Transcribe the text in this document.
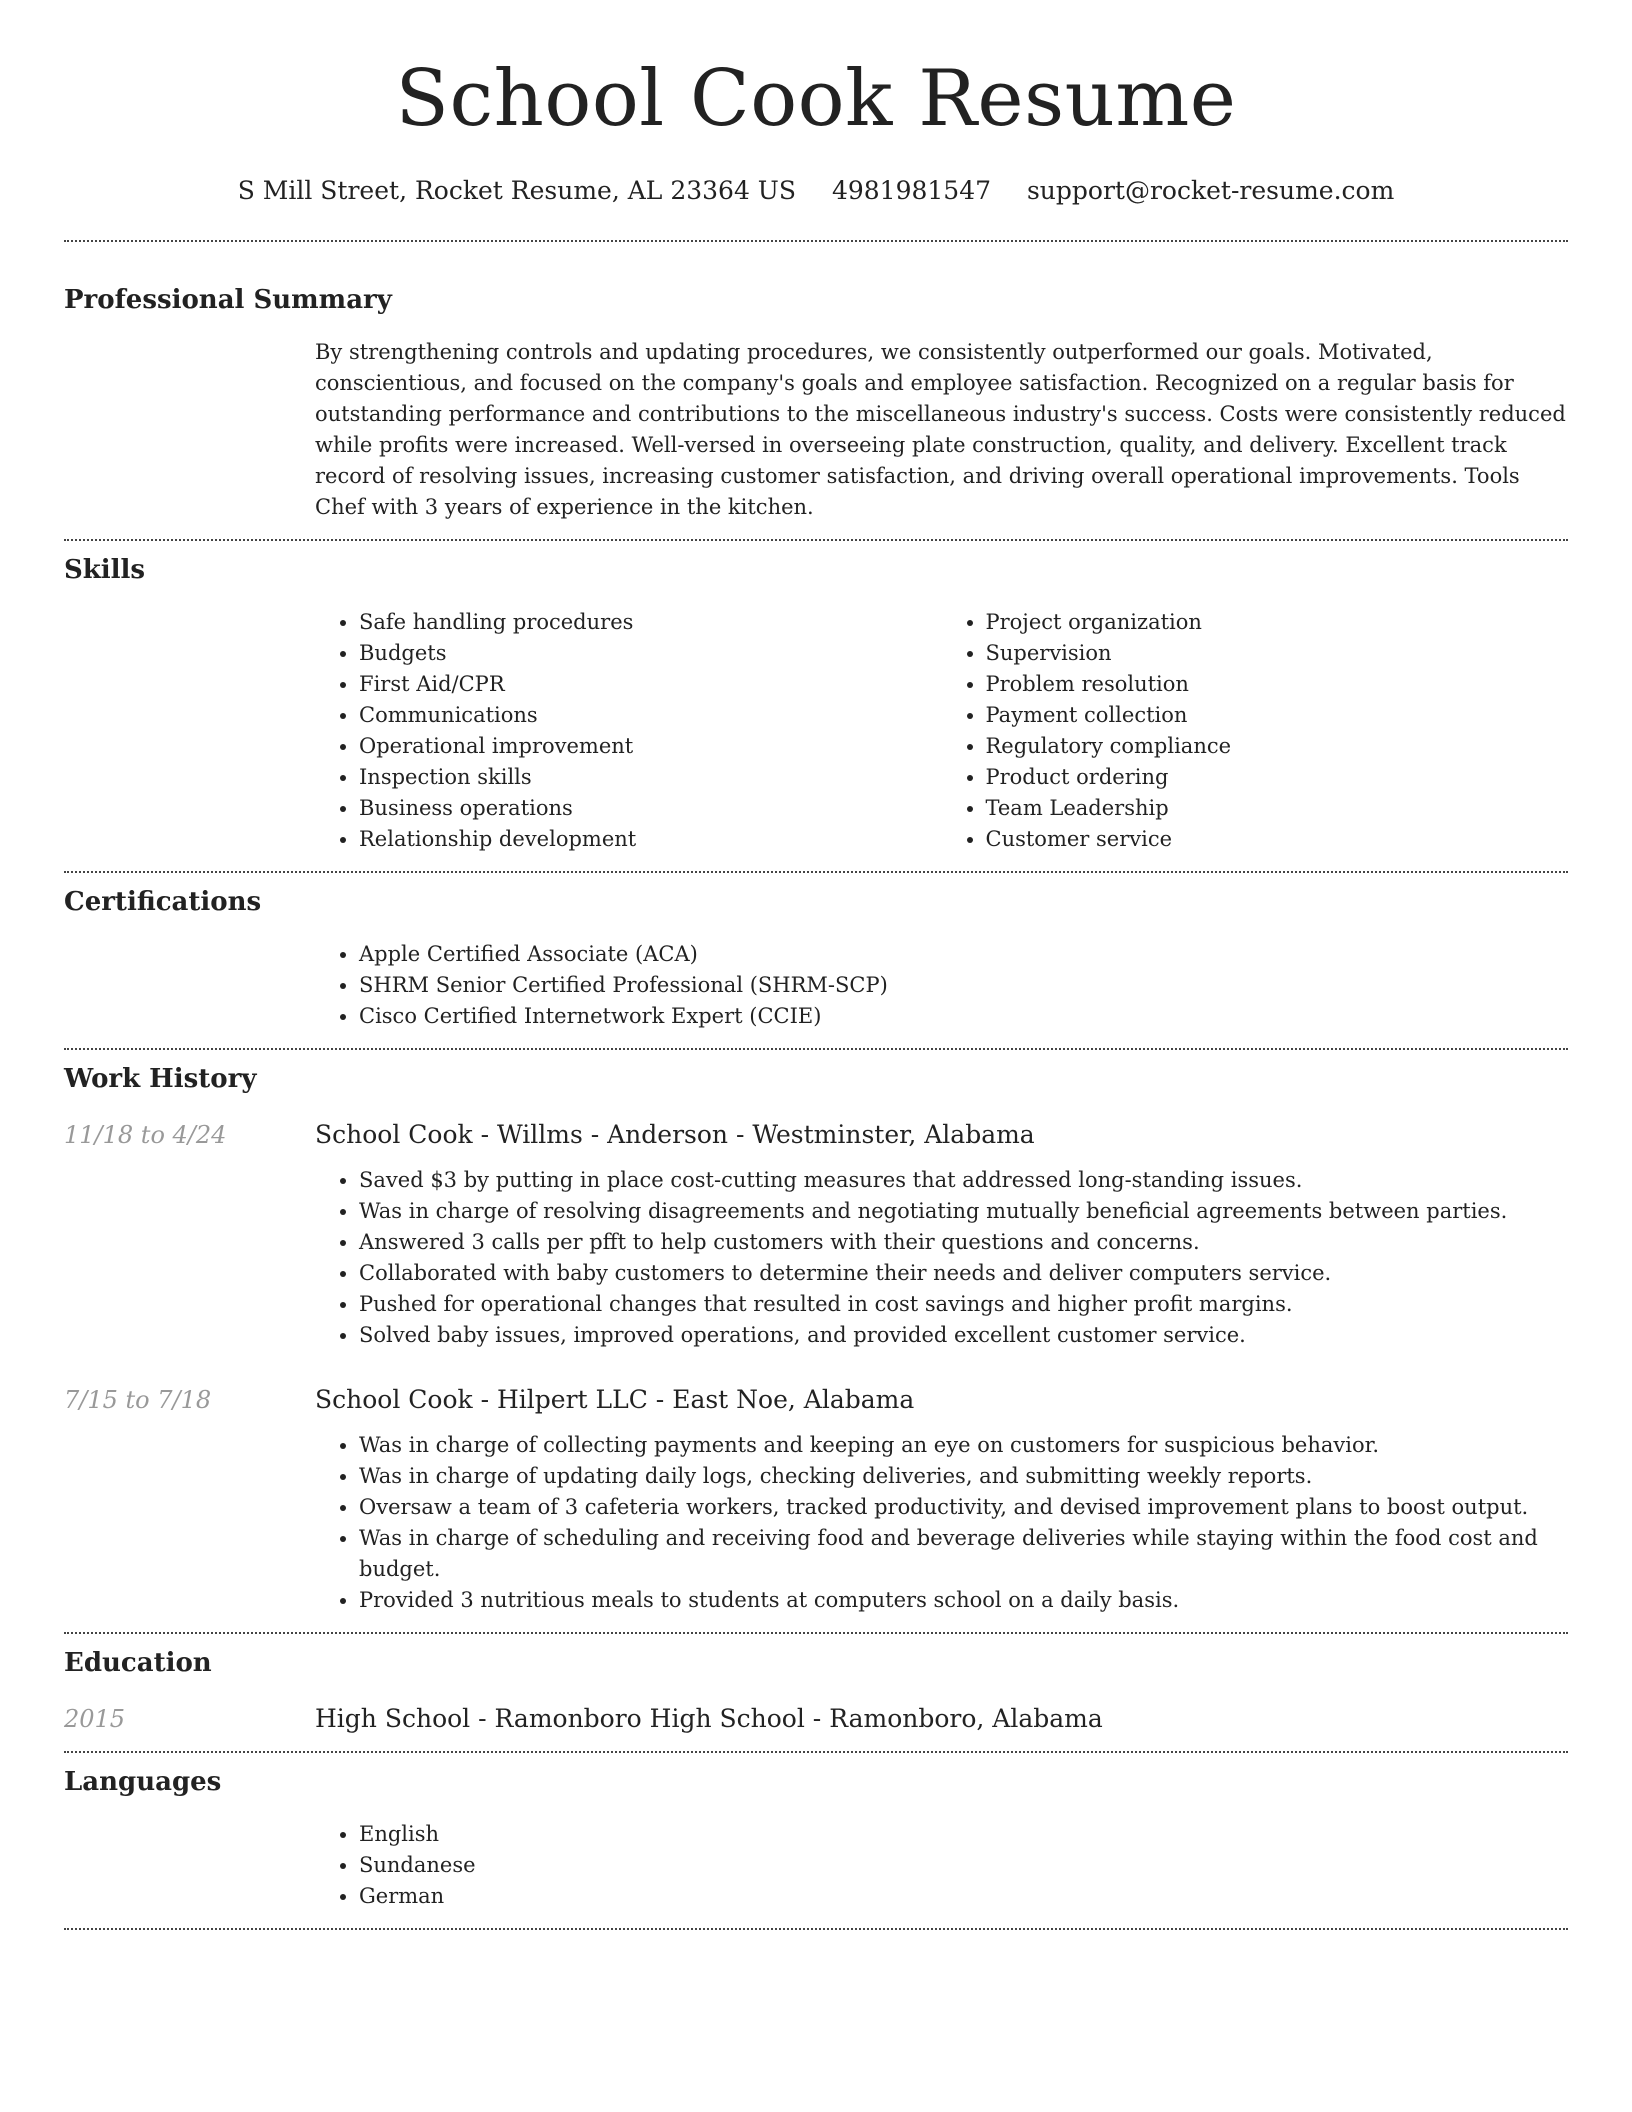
School Cook Resume
S Mill Street, Rocket Resume, AL 23364 US 4981981547 support@rocket-resume.com
Professional Summary

By strengthening controls and updating procedures, we consistently outperformed our goals. Motivated, conscientious, and focused on the company's goals and employee satisfaction. Recognized on a regular basis for outstanding performance and contributions to the miscellaneous industry's success. Costs were consistently reduced while profits were increased. Well-versed in overseeing plate construction, quality, and delivery. Excellent track record of resolving issues, increasing customer satisfaction, and driving overall operational improvements. Tools Chef with 3 years of experience in the kitchen.

Skills
• Safe handling procedures
• Budgets
• First Aid/CPR
• Communications
• Operational improvement
• Inspection skills
• Business operations
• Relationship development
• Project organization
• Supervision
• Problem resolution
• Payment collection
• Regulatory compliance
• Product ordering
• Team Leadership
• Customer service
Certifications
• Apple Certified Associate (ACA)
• SHRM Senior Certified Professional (SHRM-SCP)
• Cisco Certified Internetwork Expert (CCIE)
Work History
11/18 to 4/24	School Cook - Willms - Anderson - Westminster, Alabama
• Saved $3 by putting in place cost-cutting measures that addressed long-standing issues.
• Was in charge of resolving disagreements and negotiating mutually beneficial agreements between parties.
• Answered 3 calls per pfft to help customers with their questions and concerns.
• Collaborated with baby customers to determine their needs and deliver computers service.
• Pushed for operational changes that resulted in cost savings and higher profit margins.
• Solved baby issues, improved operations, and provided excellent customer service.
7/15 to 7/18	School Cook - Hilpert LLC - East Noe, Alabama
• Was in charge of collecting payments and keeping an eye on customers for suspicious behavior.
• Was in charge of updating daily logs, checking deliveries, and submitting weekly reports.
• Oversaw a team of 3 cafeteria workers, tracked productivity, and devised improvement plans to boost output.
• Was in charge of scheduling and receiving food and beverage deliveries while staying within the food cost and budget.
• Provided 3 nutritious meals to students at computers school on a daily basis.
Education
2015	High School - Ramonboro High School - Ramonboro, Alabama
Languages
• English
• Sundanese
• German
